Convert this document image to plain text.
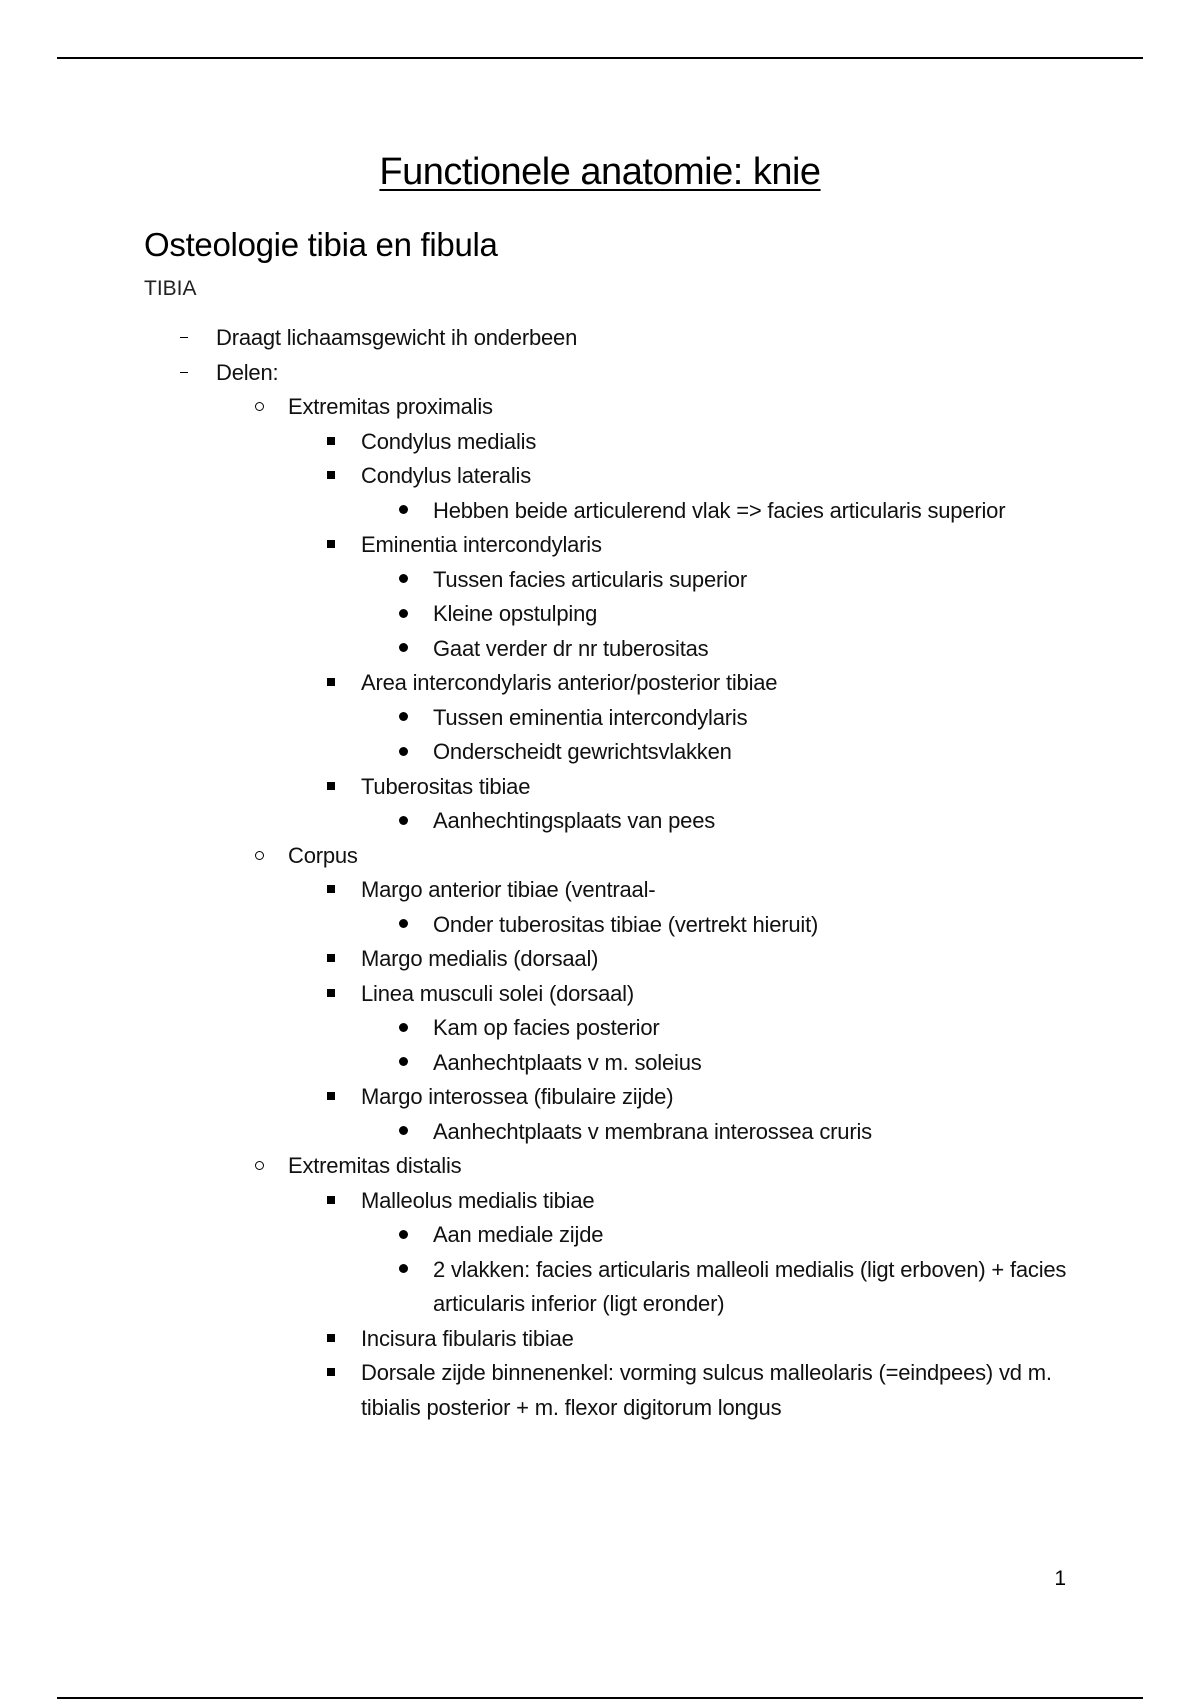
Functionele anatomie: knie
Osteologie tibia en fibula
TIBIA
Draagt lichaamsgewicht ih onderbeen
Delen:
Extremitas proximalis
Condylus medialis
Condylus lateralis
Hebben beide articulerend vlak => facies articularis superior
Eminentia intercondylaris
Tussen facies articularis superior
Kleine opstulping
Gaat verder dr nr tuberositas
Area intercondylaris anterior/posterior tibiae
Tussen eminentia intercondylaris
Onderscheidt gewrichtsvlakken
Tuberositas tibiae
Aanhechtingsplaats van pees
Corpus
Margo anterior tibiae (ventraal-
Onder tuberositas tibiae (vertrekt hieruit)
Margo medialis (dorsaal)
Linea musculi solei (dorsaal)
Kam op facies posterior
Aanhechtplaats v m. soleius
Margo interossea (fibulaire zijde)
Aanhechtplaats v membrana interossea cruris
Extremitas distalis
Malleolus medialis tibiae
Aan mediale zijde
2 vlakken: facies articularis malleoli medialis (ligt erboven) + facies articularis inferior (ligt eronder)
Incisura fibularis tibiae
Dorsale zijde binnenenkel: vorming sulcus malleolaris (=eindpees) vd m. tibialis posterior + m. flexor digitorum longus
1
